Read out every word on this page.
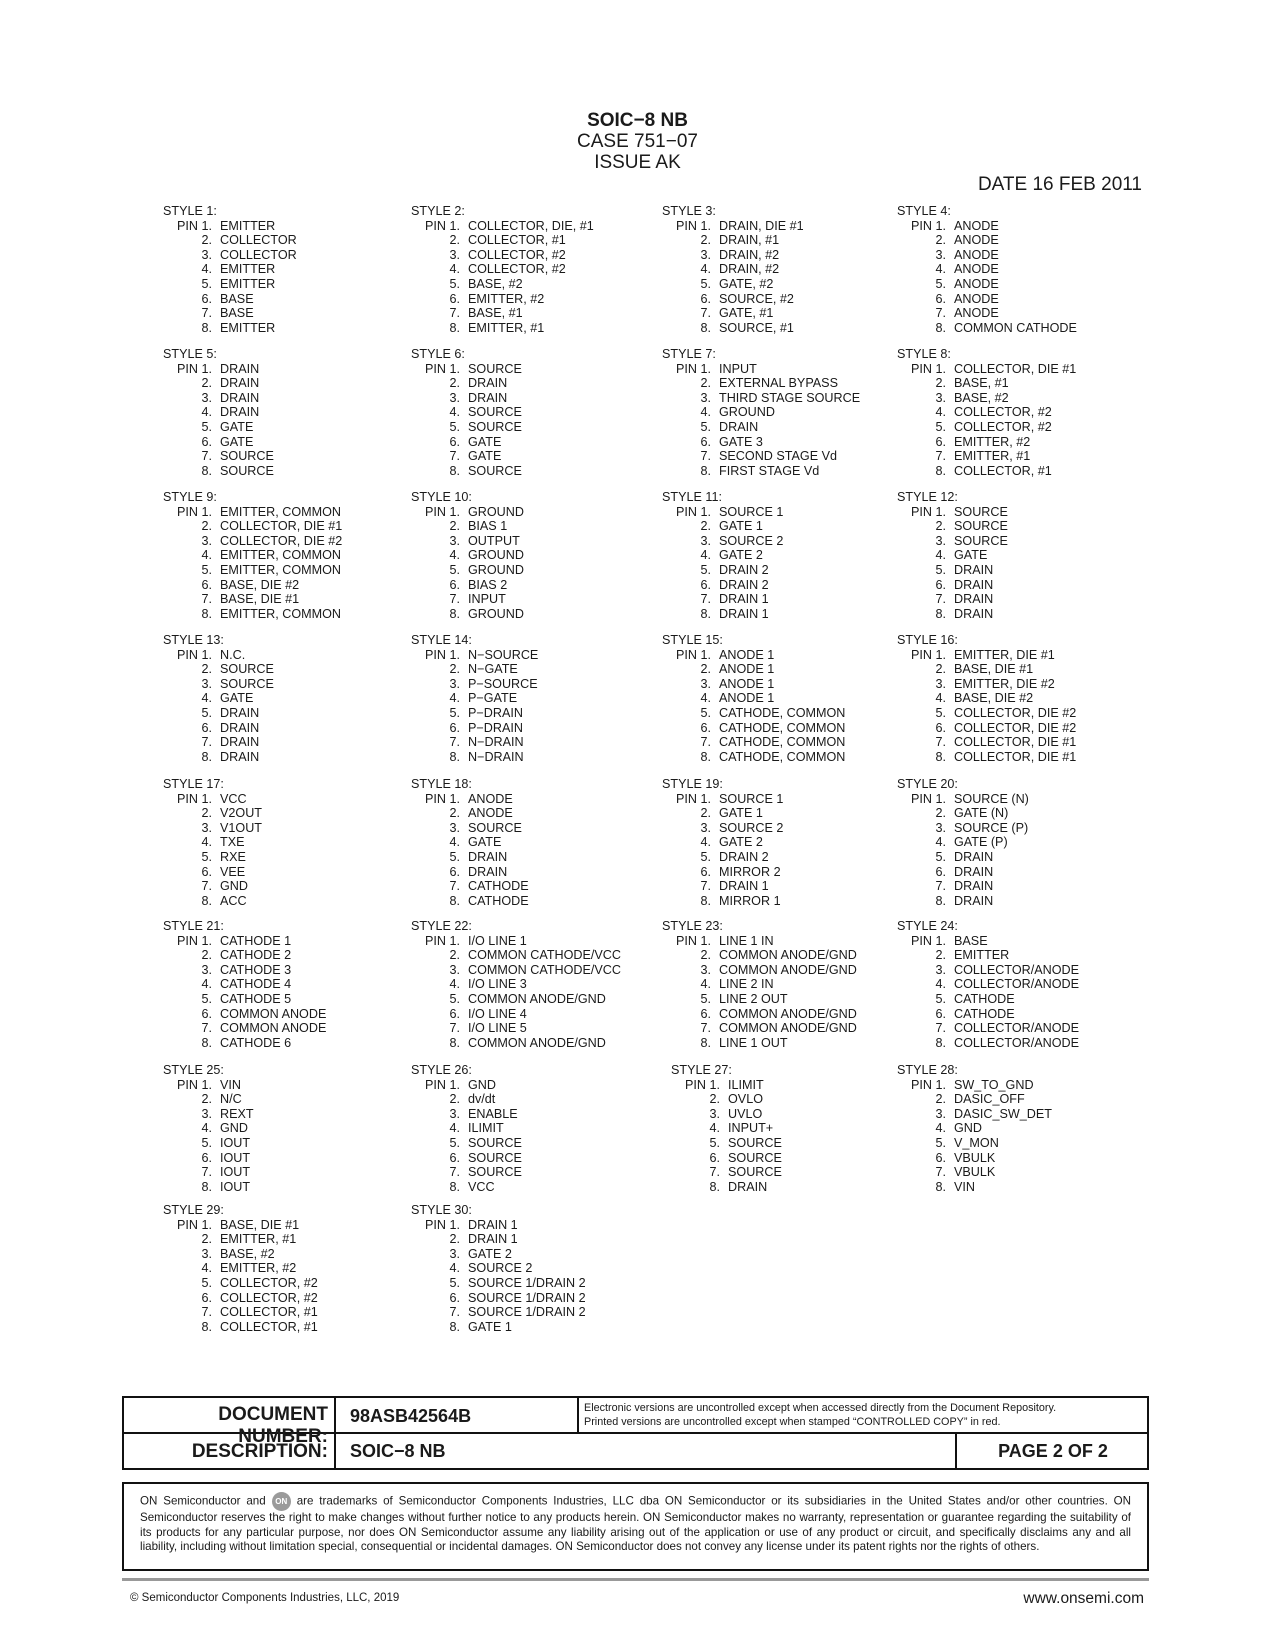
SOIC−8 NB
CASE 751−07
ISSUE AK
DATE 16 FEB 2011
STYLE 1:
PIN 1. EMITTER
2. COLLECTOR
3. COLLECTOR
4. EMITTER
5. EMITTER
6. BASE
7. BASE
8. EMITTER
STYLE 2:
PIN 1. COLLECTOR, DIE, #1
2. COLLECTOR, #1
3. COLLECTOR, #2
4. COLLECTOR, #2
5. BASE, #2
6. EMITTER, #2
7. BASE, #1
8. EMITTER, #1
STYLE 3:
PIN 1. DRAIN, DIE #1
2. DRAIN, #1
3. DRAIN, #2
4. DRAIN, #2
5. GATE, #2
6. SOURCE, #2
7. GATE, #1
8. SOURCE, #1
STYLE 4:
PIN 1. ANODE
2. ANODE
3. ANODE
4. ANODE
5. ANODE
6. ANODE
7. ANODE
8. COMMON CATHODE
STYLE 5:
PIN 1. DRAIN
2. DRAIN
3. DRAIN
4. DRAIN
5. GATE
6. GATE
7. SOURCE
8. SOURCE
STYLE 6:
PIN 1. SOURCE
2. DRAIN
3. DRAIN
4. SOURCE
5. SOURCE
6. GATE
7. GATE
8. SOURCE
STYLE 7:
PIN 1. INPUT
2. EXTERNAL BYPASS
3. THIRD STAGE SOURCE
4. GROUND
5. DRAIN
6. GATE 3
7. SECOND STAGE Vd
8. FIRST STAGE Vd
STYLE 8:
PIN 1. COLLECTOR, DIE #1
2. BASE, #1
3. BASE, #2
4. COLLECTOR, #2
5. COLLECTOR, #2
6. EMITTER, #2
7. EMITTER, #1
8. COLLECTOR, #1
STYLE 9:
PIN 1. EMITTER, COMMON
2. COLLECTOR, DIE #1
3. COLLECTOR, DIE #2
4. EMITTER, COMMON
5. EMITTER, COMMON
6. BASE, DIE #2
7. BASE, DIE #1
8. EMITTER, COMMON
STYLE 10:
PIN 1. GROUND
2. BIAS 1
3. OUTPUT
4. GROUND
5. GROUND
6. BIAS 2
7. INPUT
8. GROUND
STYLE 11:
PIN 1. SOURCE 1
2. GATE 1
3. SOURCE 2
4. GATE 2
5. DRAIN 2
6. DRAIN 2
7. DRAIN 1
8. DRAIN 1
STYLE 12:
PIN 1. SOURCE
2. SOURCE
3. SOURCE
4. GATE
5. DRAIN
6. DRAIN
7. DRAIN
8. DRAIN
STYLE 13:
PIN 1. N.C.
2. SOURCE
3. SOURCE
4. GATE
5. DRAIN
6. DRAIN
7. DRAIN
8. DRAIN
STYLE 14:
PIN 1. N−SOURCE
2. N−GATE
3. P−SOURCE
4. P−GATE
5. P−DRAIN
6. P−DRAIN
7. N−DRAIN
8. N−DRAIN
STYLE 15:
PIN 1. ANODE 1
2. ANODE 1
3. ANODE 1
4. ANODE 1
5. CATHODE, COMMON
6. CATHODE, COMMON
7. CATHODE, COMMON
8. CATHODE, COMMON
STYLE 16:
PIN 1. EMITTER, DIE #1
2. BASE, DIE #1
3. EMITTER, DIE #2
4. BASE, DIE #2
5. COLLECTOR, DIE #2
6. COLLECTOR, DIE #2
7. COLLECTOR, DIE #1
8. COLLECTOR, DIE #1
STYLE 17:
PIN 1. VCC
2. V2OUT
3. V1OUT
4. TXE
5. RXE
6. VEE
7. GND
8. ACC
STYLE 18:
PIN 1. ANODE
2. ANODE
3. SOURCE
4. GATE
5. DRAIN
6. DRAIN
7. CATHODE
8. CATHODE
STYLE 19:
PIN 1. SOURCE 1
2. GATE 1
3. SOURCE 2
4. GATE 2
5. DRAIN 2
6. MIRROR 2
7. DRAIN 1
8. MIRROR 1
STYLE 20:
PIN 1. SOURCE (N)
2. GATE (N)
3. SOURCE (P)
4. GATE (P)
5. DRAIN
6. DRAIN
7. DRAIN
8. DRAIN
STYLE 21:
PIN 1. CATHODE 1
2. CATHODE 2
3. CATHODE 3
4. CATHODE 4
5. CATHODE 5
6. COMMON ANODE
7. COMMON ANODE
8. CATHODE 6
STYLE 22:
PIN 1. I/O LINE 1
2. COMMON CATHODE/VCC
3. COMMON CATHODE/VCC
4. I/O LINE 3
5. COMMON ANODE/GND
6. I/O LINE 4
7. I/O LINE 5
8. COMMON ANODE/GND
STYLE 23:
PIN 1. LINE 1 IN
2. COMMON ANODE/GND
3. COMMON ANODE/GND
4. LINE 2 IN
5. LINE 2 OUT
6. COMMON ANODE/GND
7. COMMON ANODE/GND
8. LINE 1 OUT
STYLE 24:
PIN 1. BASE
2. EMITTER
3. COLLECTOR/ANODE
4. COLLECTOR/ANODE
5. CATHODE
6. CATHODE
7. COLLECTOR/ANODE
8. COLLECTOR/ANODE
STYLE 25:
PIN 1. VIN
2. N/C
3. REXT
4. GND
5. IOUT
6. IOUT
7. IOUT
8. IOUT
STYLE 26:
PIN 1. GND
2. dv/dt
3. ENABLE
4. ILIMIT
5. SOURCE
6. SOURCE
7. SOURCE
8. VCC
STYLE 27:
PIN 1. ILIMIT
2. OVLO
3. UVLO
4. INPUT+
5. SOURCE
6. SOURCE
7. SOURCE
8. DRAIN
STYLE 28:
PIN 1. SW_TO_GND
2. DASIC_OFF
3. DASIC_SW_DET
4. GND
5. V_MON
6. VBULK
7. VBULK
8. VIN
STYLE 29:
PIN 1. BASE, DIE #1
2. EMITTER, #1
3. BASE, #2
4. EMITTER, #2
5. COLLECTOR, #2
6. COLLECTOR, #2
7. COLLECTOR, #1
8. COLLECTOR, #1
STYLE 30:
PIN 1. DRAIN 1
2. DRAIN 1
3. GATE 2
4. SOURCE 2
5. SOURCE 1/DRAIN 2
6. SOURCE 1/DRAIN 2
7. SOURCE 1/DRAIN 2
8. GATE 1
DOCUMENT NUMBER:
98ASB42564B	Electronic versions are uncontrolled except when accessed directly from the Document Repository.
Printed versions are uncontrolled except when stamped “CONTROLLED COPY” in red.
DESCRIPTION: SOIC−8 NB	PAGE 2 OF 2
ON Semiconductor and ON are trademarks of Semiconductor Components Industries, LLC dba ON Semiconductor or its subsidiaries in the United States and/or other countries. ON Semiconductor reserves the right to make changes without further notice to any products herein. ON Semiconductor makes no warranty, representation or guarantee regarding the suitability of its products for any particular purpose, nor does ON Semiconductor assume any liability arising out of the application or use of any product or circuit, and specifically disclaims any and all liability, including without limitation special, consequential or incidental damages. ON Semiconductor does not convey any license under its patent rights nor the rights of others.
© Semiconductor Components Industries, LLC, 2019	www.onsemi.com
